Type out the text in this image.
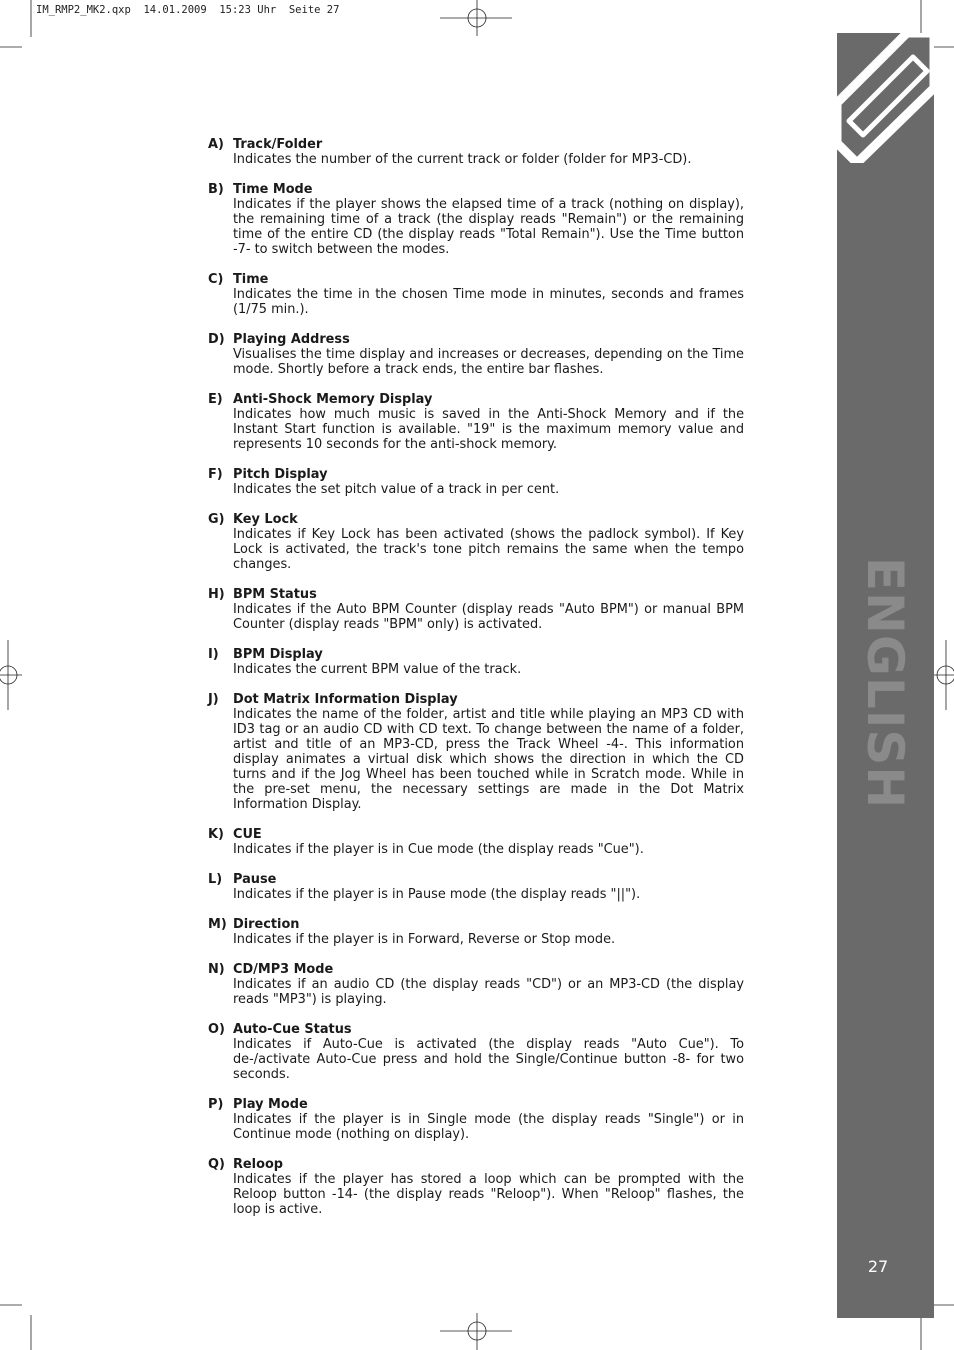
IM_RMP2_MK2.qxp  14.01.2009  15:23 Uhr  Seite 27
ENGLISH
27
A) Track/Folder
Indicates the number of the current track or folder (folder for MP3-CD).
B) Time Mode
Indicates if the player shows the elapsed time of a track (nothing on display), the remaining time of a track (the display reads "Remain") or the remaining time of the entire CD (the display reads "Total Remain"). Use the Time button -7- to switch between the modes.
C) Time
Indicates the time in the chosen Time mode in minutes, seconds and frames (1/75 min.).
D) Playing Address
Visualises the time display and increases or decreases, depending on the Time mode. Shortly before a track ends, the entire bar flashes.
E) Anti-Shock Memory Display
Indicates how much music is saved in the Anti-Shock Memory and if the Instant Start function is available. "19" is the maximum memory value and represents 10 seconds for the anti-shock memory.
F) Pitch Display
Indicates the set pitch value of a track in per cent.
G) Key Lock
Indicates if Key Lock has been activated (shows the padlock symbol). If Key Lock is activated, the track's tone pitch remains the same when the tempo changes.
H) BPM Status
Indicates if the Auto BPM Counter (display reads "Auto BPM") or manual BPM Counter (display reads "BPM" only) is activated.
I)	BPM Display
Indicates the current BPM value of the track.
J)	Dot Matrix Information Display
Indicates the name of the folder, artist and title while playing an MP3 CD with ID3 tag or an audio CD with CD text. To change between the name of a folder, artist and title of an MP3-CD, press the Track Wheel -4-. This information display animates a virtual disk which shows the direction in which the CD turns and if the Jog Wheel has been touched while in Scratch mode. While in the pre-set menu, the necessary settings are made in the Dot Matrix Information Display.
K) CUE
Indicates if the player is in Cue mode (the display reads "Cue").
L) Pause
Indicates if the player is in Pause mode (the display reads "||").
M) Direction
Indicates if the player is in Forward, Reverse or Stop mode.
N) CD/MP3 Mode
Indicates if an audio CD (the display reads "CD") or an MP3-CD (the display reads "MP3") is playing.
O) Auto-Cue Status
Indicates if Auto-Cue is activated (the display reads "Auto Cue"). To de-/activate Auto-Cue press and hold the Single/Continue button -8- for two seconds.
P) Play Mode
Indicates if the player is in Single mode (the display reads "Single") or in Continue mode (nothing on display).
Q) Reloop
Indicates if the player has stored a loop which can be prompted with the Reloop button -14- (the display reads "Reloop"). When "Reloop" flashes, the loop is active.
